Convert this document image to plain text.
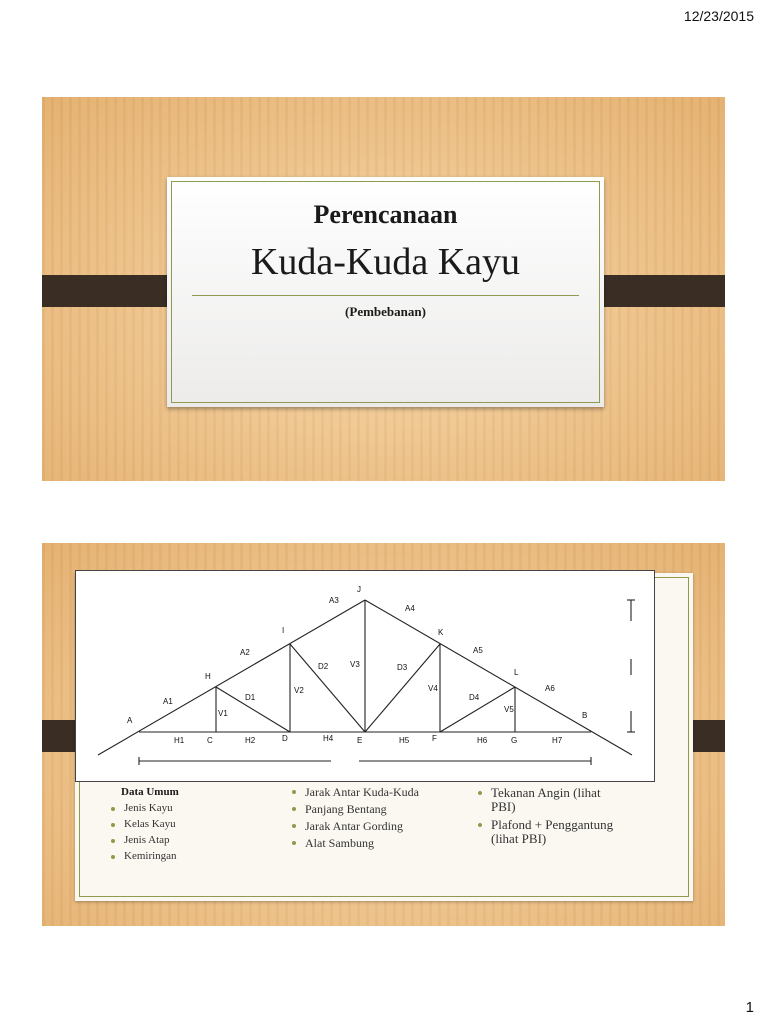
12/23/2015
Perencanaan
Kuda-Kuda Kayu
(Pembebanan)
A
B
C	D	E	F	G
H
I
J
K
L
A1
A2
A3
A4
A5
A6
H1	H2	H4	H5	H6	H7
V1
V2
V3
V4
V5
D1
D2	D3
D4
Data Umum
Jenis Kayu
Kelas Kayu
Jenis Atap
Kemiringan
Jarak Antar Kuda-Kuda
Panjang Bentang
Jarak Antar Gording
Alat Sambung
Tekanan Angin (lihat PBI)
Plafond + Penggantung (lihat PBI)
1
